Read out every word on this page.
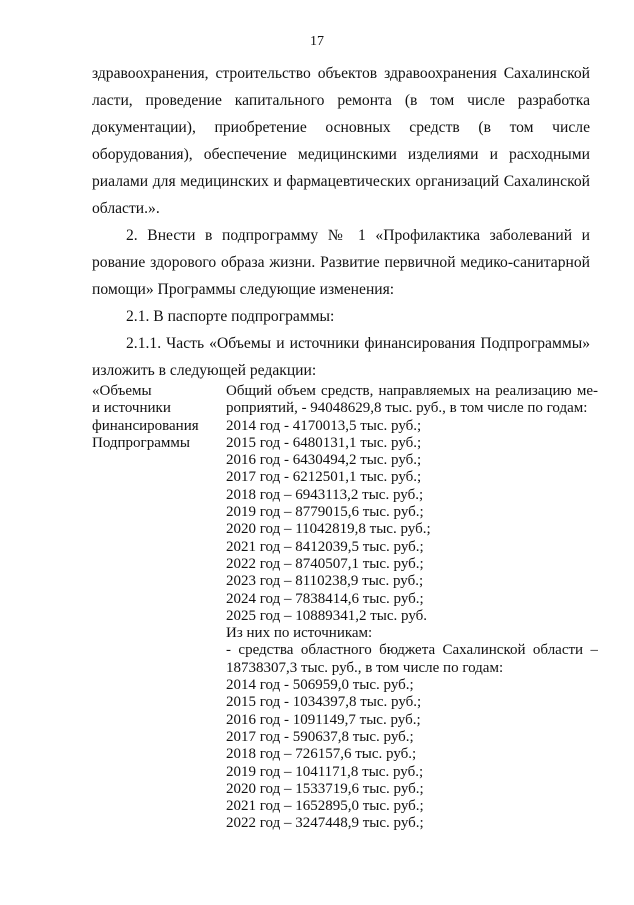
17
здравоохранения, строительство объектов здравоохранения Сахалинской
ласти, проведение капитального ремонта (в том числе разработка
документации), приобретение основных средств (в том числе
оборудования), обеспечение медицинскими изделиями и расходными
риалами для медицинских и фармацевтических организаций Сахалинской
области.».
2. Внести в подпрограмму № 1 «Профилактика заболеваний и
рование здорового образа жизни. Развитие первичной медико-санитарной
помощи» Программы следующие изменения:
2.1. В паспорте подпрограммы:
2.1.1. Часть «Объемы и источники финансирования Подпрограммы»
изложить в следующей редакции:
«Объемы
и источники
финансирования
Подпрограммы
Общий объем средств, направляемых на реализацию ме-
роприятий, - 94048629,8 тыс. руб., в том числе по годам:
2014 год - 4170013,5 тыс. руб.;
2015 год - 6480131,1 тыс. руб.;
2016 год - 6430494,2 тыс. руб.;
2017 год - 6212501,1 тыс. руб.;
2018 год – 6943113,2 тыс. руб.;
2019 год – 8779015,6 тыс. руб.;
2020 год – 11042819,8 тыс. руб.;
2021 год – 8412039,5 тыс. руб.;
2022 год – 8740507,1 тыс. руб.;
2023 год – 8110238,9 тыс. руб.;
2024 год – 7838414,6 тыс. руб.;
2025 год – 10889341,2 тыс. руб.
Из них по источникам:
- средства областного бюджета Сахалинской области –
18738307,3 тыс. руб., в том числе по годам:
2014 год - 506959,0 тыс. руб.;
2015 год - 1034397,8 тыс. руб.;
2016 год - 1091149,7 тыс. руб.;
2017 год - 590637,8 тыс. руб.;
2018 год – 726157,6 тыс. руб.;
2019 год – 1041171,8 тыс. руб.;
2020 год – 1533719,6 тыс. руб.;
2021 год – 1652895,0 тыс. руб.;
2022 год – 3247448,9 тыс. руб.;
